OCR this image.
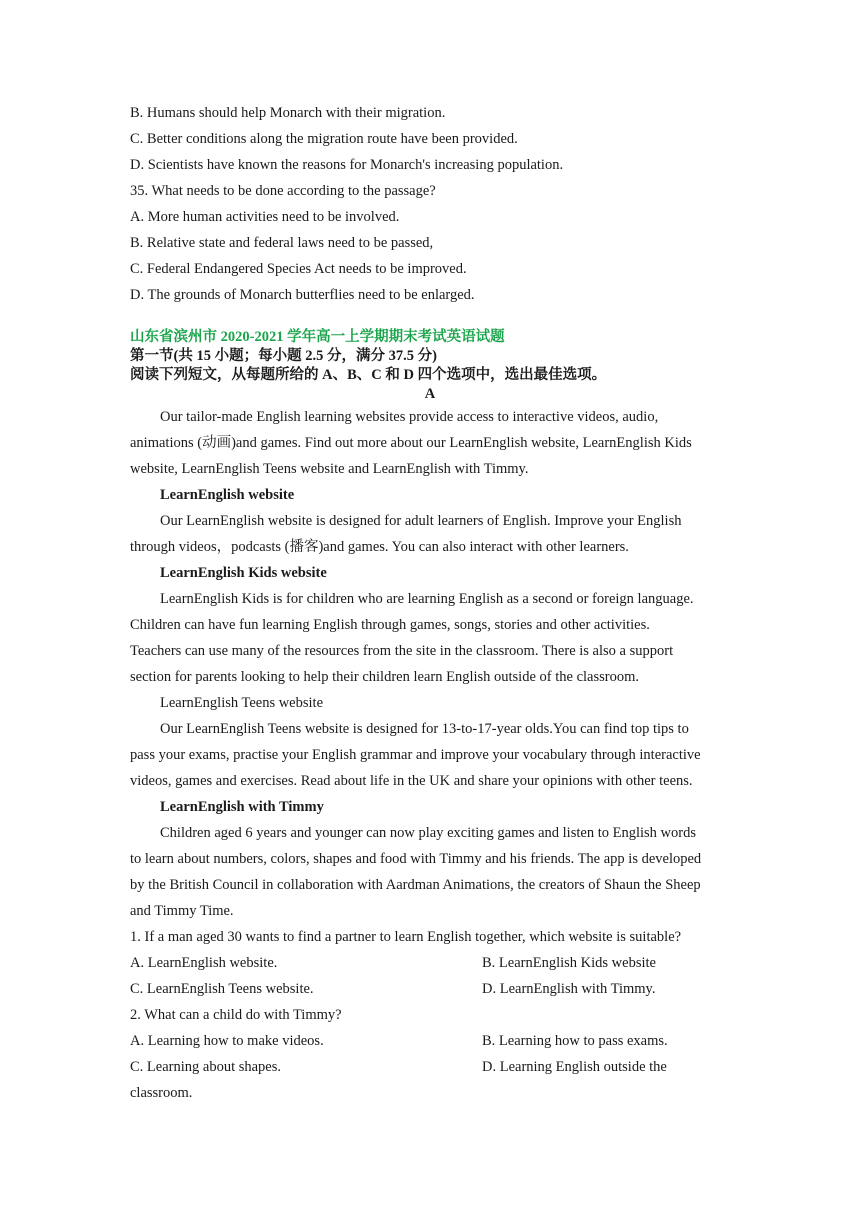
B. Humans should help Monarch with their migration.
C. Better conditions along the migration route have been provided.
D. Scientists have known the reasons for Monarch's increasing population.
35. What needs to be done according to the passage?
A. More human activities need to be involved.
B. Relative state and federal laws need to be passed,
C. Federal Endangered Species Act needs to be improved.
D. The grounds of Monarch butterflies need to be enlarged.
山东省滨州市 2020-2021 学年高一上学期期末考试英语试题
第一节(共 15 小题；每小题 2.5 分，满分 37.5 分)
阅读下列短文，从每题所给的 A、B、C 和 D 四个选项中，选出最佳选项。
A
Our tailor-made English learning websites provide access to interactive videos, audio,
animations (动画)and games. Find out more about our LearnEnglish website, LearnEnglish Kids
website, LearnEnglish Teens website and LearnEnglish with Timmy.
LearnEnglish website
Our LearnEnglish website is designed for adult learners of English. Improve your English
through videos，podcasts (播客)and games. You can also interact with other learners.
LearnEnglish Kids website
LearnEnglish Kids is for children who are learning English as a second or foreign language.
Children can have fun learning English through games, songs, stories and other activities.
Teachers can use many of the resources from the site in the classroom. There is also a support
section for parents looking to help their children learn English outside of the classroom.
LearnEnglish Teens website
Our LearnEnglish Teens website is designed for 13-to-17-year olds.You can find top tips to
pass your exams, practise your English grammar and improve your vocabulary through interactive
videos, games and exercises. Read about life in the UK and share your opinions with other teens.
LearnEnglish with Timmy
Children aged 6 years and younger can now play exciting games and listen to English words
to learn about numbers, colors, shapes and food with Timmy and his friends. The app is developed
by the British Council in collaboration with Aardman Animations, the creators of Shaun the Sheep
and Timmy Time.
1. If a man aged 30 wants to find a partner to learn English together, which website is suitable?
A. LearnEnglish website.	B. LearnEnglish Kids website
C. LearnEnglish Teens website.	D. LearnEnglish with Timmy.
2. What can a child do with Timmy?
A. Learning how to make videos.	B. Learning how to pass exams.
C. Learning about shapes.	D. Learning English outside the
classroom.
